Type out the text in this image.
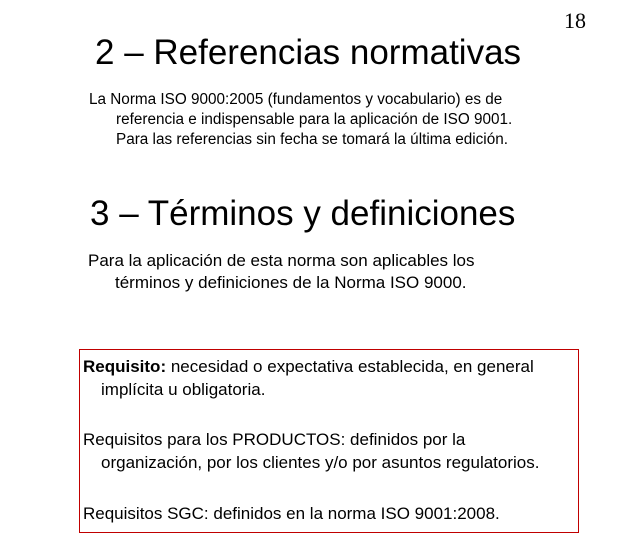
18
2 – Referencias normativas

La Norma ISO 9000:2005 (fundamentos y vocabulario) es de
referencia e indispensable para la aplicación de ISO 9001.
Para las referencias sin fecha se tomará la última edición.

3 – Términos y definiciones

Para la aplicación de esta norma son aplicables los
términos y definiciones de la Norma ISO 9000.

Requisito: necesidad o expectativa establecida, en general
implícita u obligatoria.

Requisitos para los PRODUCTOS: definidos por la
organización, por los clientes y/o por asuntos regulatorios.

Requisitos SGC: definidos en la norma ISO 9001:2008.
